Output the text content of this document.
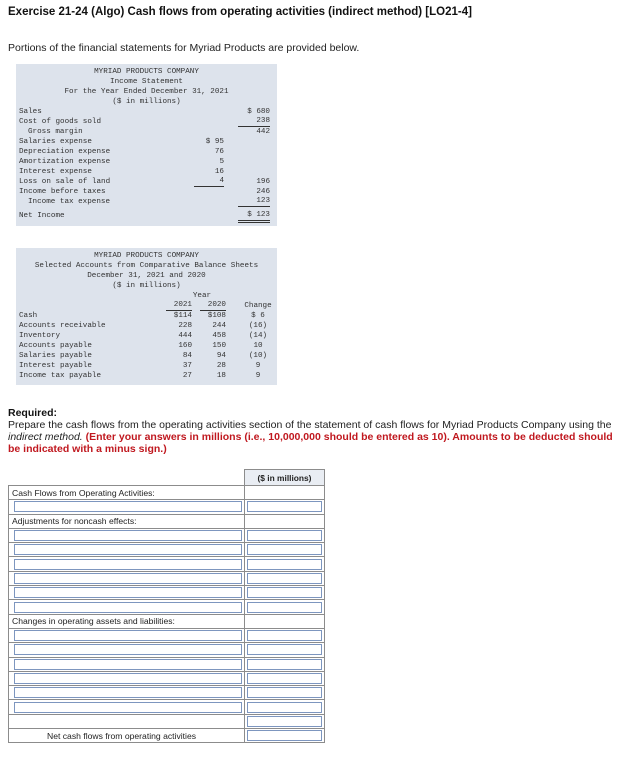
Exercise 21-24 (Algo) Cash flows from operating activities (indirect method) [LO21-4]
Portions of the financial statements for Myriad Products are provided below.
MYRIAD PRODUCTS COMPANY
Income Statement
For the Year Ended December 31, 2021
($ in millions)
Sales	$ 680
Cost of goods sold	238
Gross margin	442
Salaries expense	$ 95
Depreciation expense	76
Amortization expense	5
Interest expense	16
Loss on sale of land	4	196
Income before taxes	246
Income tax expense	123
Net Income	$ 123
MYRIAD PRODUCTS COMPANY
Selected Accounts from Comparative Balance Sheets
December 31, 2021 and 2020
($ in millions)
Year
2021	2020 Change
Cash	$114	$108	$ 6
Accounts receivable	228	244	(16)
Inventory	444	458	(14)
Accounts payable	160	150	10
Salaries payable	84	94	(10)
Interest payable	37	28	9
Income tax payable	27	18	9
Required:
Prepare the cash flows from the operating activities section of the statement of cash flows for Myriad Products Company using the indirect method. (Enter your answers in millions (i.e., 10,000,000 should be entered as 10). Amounts to be deducted should be indicated with a minus sign.)
	($ in millions)
Cash Flows from Operating Activities:	

Adjustments for noncash effects:	

Changes in operating assets and liabilities:	

Net cash flows from operating activities	
